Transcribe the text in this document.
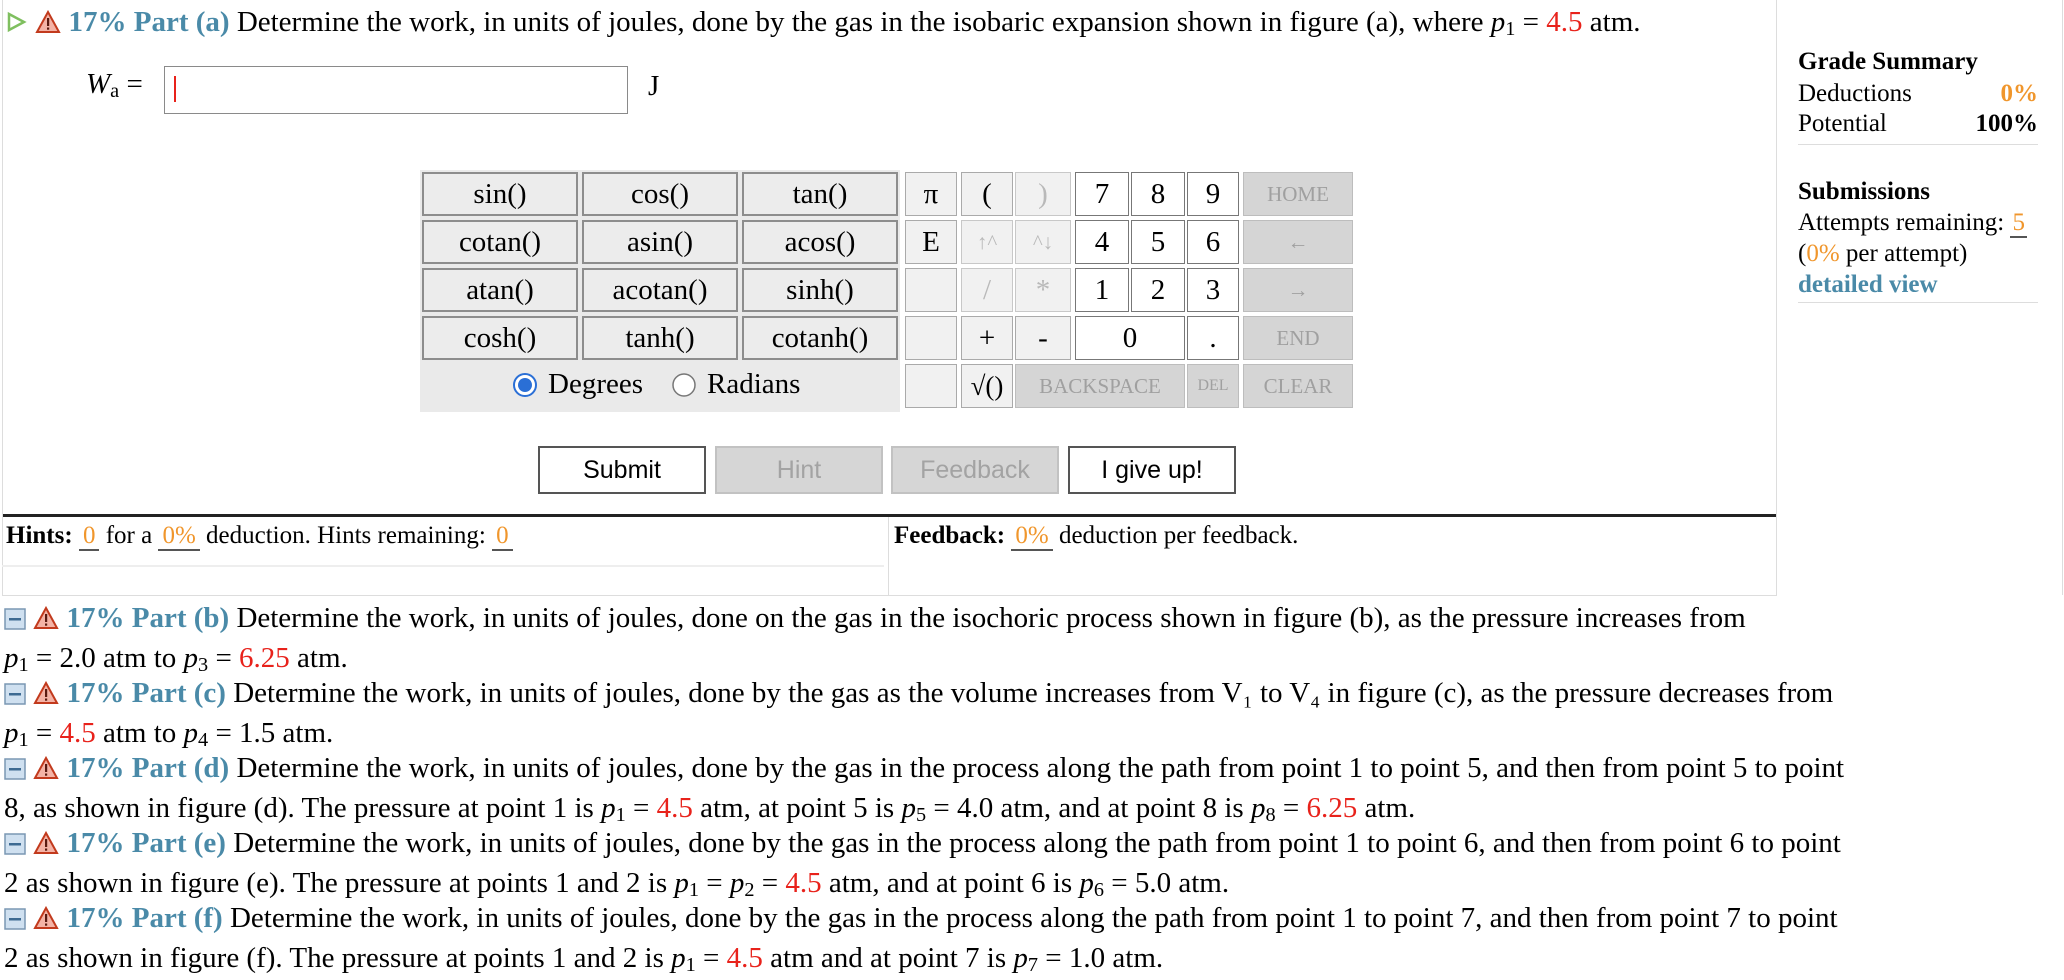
17% Part (a) Determine the work, in units of joules, done by the gas in the isobaric expansion shown in figure (a), where $p_1 = 4.5$ atm.
$W_a$ =	J
Grade Summary
Deductions	0%
Potential	100%
Submissions
Attempts remaining: 5
(0% per attempt)
detailed view
sin()	cos()	tan()
cotan()	asin()	acos()
atan()	acotan()	sinh()
cosh()	tanh()	cotanh()
Degrees Radians
π	(	)
E	↑^	^↓
/	*
+	-
√()
7	8	9
4	5	6
1	2	3
0	.
HOME
←
→
END
BACKSPACE	DEL	CLEAR
Submit	Hint	Feedback	I give up!
Hints: 0 for a 0% deduction. Hints remaining: 0	Feedback: 0% deduction per feedback.
17% Part (b) Determine the work, in units of joules, done on the gas in the isochoric process shown in figure (b), as the pressure increases from
$p_1 = 2.0$ atm to $p_3 = 6.25$ atm.
17% Part (c) Determine the work, in units of joules, done by the gas as the volume increases from V₁ to V₄ in figure (c), as the pressure decreases from
$p_1 = 4.5$ atm to $p_4 = 1.5$ atm.
17% Part (d) Determine the work, in units of joules, done by the gas in the process along the path from point 1 to point 5, and then from point 5 to point
8, as shown in figure (d). The pressure at point 1 is $p_1 = 4.5$ atm, at point 5 is $p_5 = 4.0$ atm, and at point 8 is $p_8 = 6.25$ atm.
17% Part (e) Determine the work, in units of joules, done by the gas in the process along the path from point 1 to point 6, and then from point 6 to point
2 as shown in figure (e). The pressure at points 1 and 2 is $p_1 = p_2 = 4.5$ atm, and at point 6 is $p_6 = 5.0$ atm.
17% Part (f) Determine the work, in units of joules, done by the gas in the process along the path from point 1 to point 7, and then from point 7 to point
2 as shown in figure (f). The pressure at points 1 and 2 is $p_1 = 4.5$ atm and at point 7 is $p_7 = 1.0$ atm.
